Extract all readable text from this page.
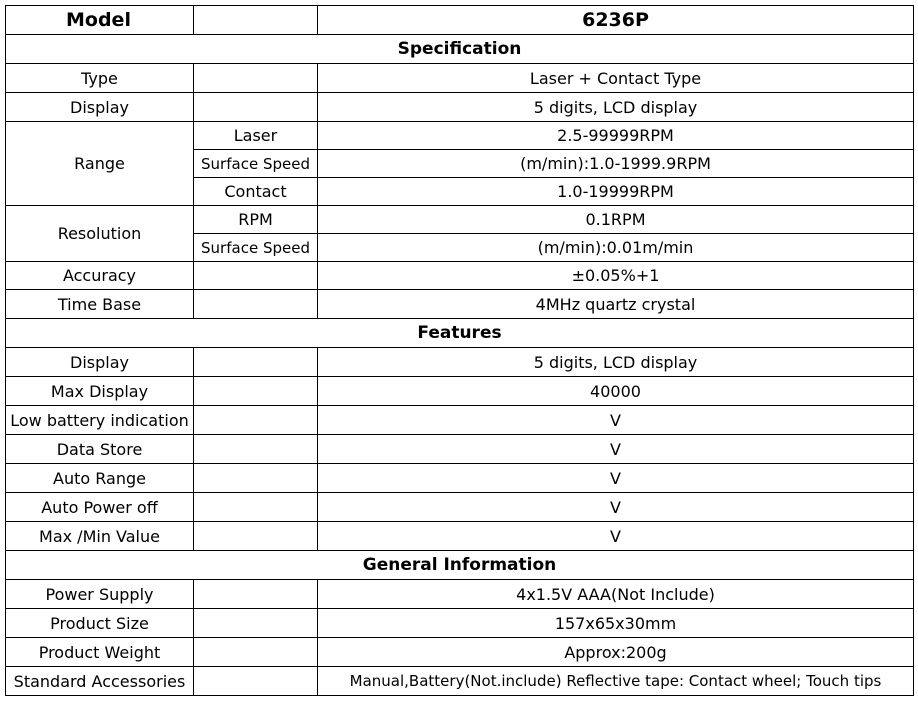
Model		6236P
Specification		
Type		Laser + Contact Type
Display		5 digits, LCD display
Range	Laser	2.5-99999RPM
	Surface Speed	(m/min):1.0-1999.9RPM
	Contact	1.0-19999RPM
Resolution	RPM	0.1RPM
	Surface Speed	(m/min):0.01m/min
Accuracy		±0.05%+1
Time Base		4MHz quartz crystal
Features		
Display		5 digits, LCD display
Max Display		40000
Low battery indication		V
Data Store		V
Auto Range		V
Auto Power off		V
Max /Min Value		V
General Information		
Power Supply		4x1.5V AAA(Not Include)
Product Size		157x65x30mm
Product Weight		Approx:200g
Standard Accessories		Manual,Battery(Not.include) Reflective tape: Contact wheel; Touch tips
